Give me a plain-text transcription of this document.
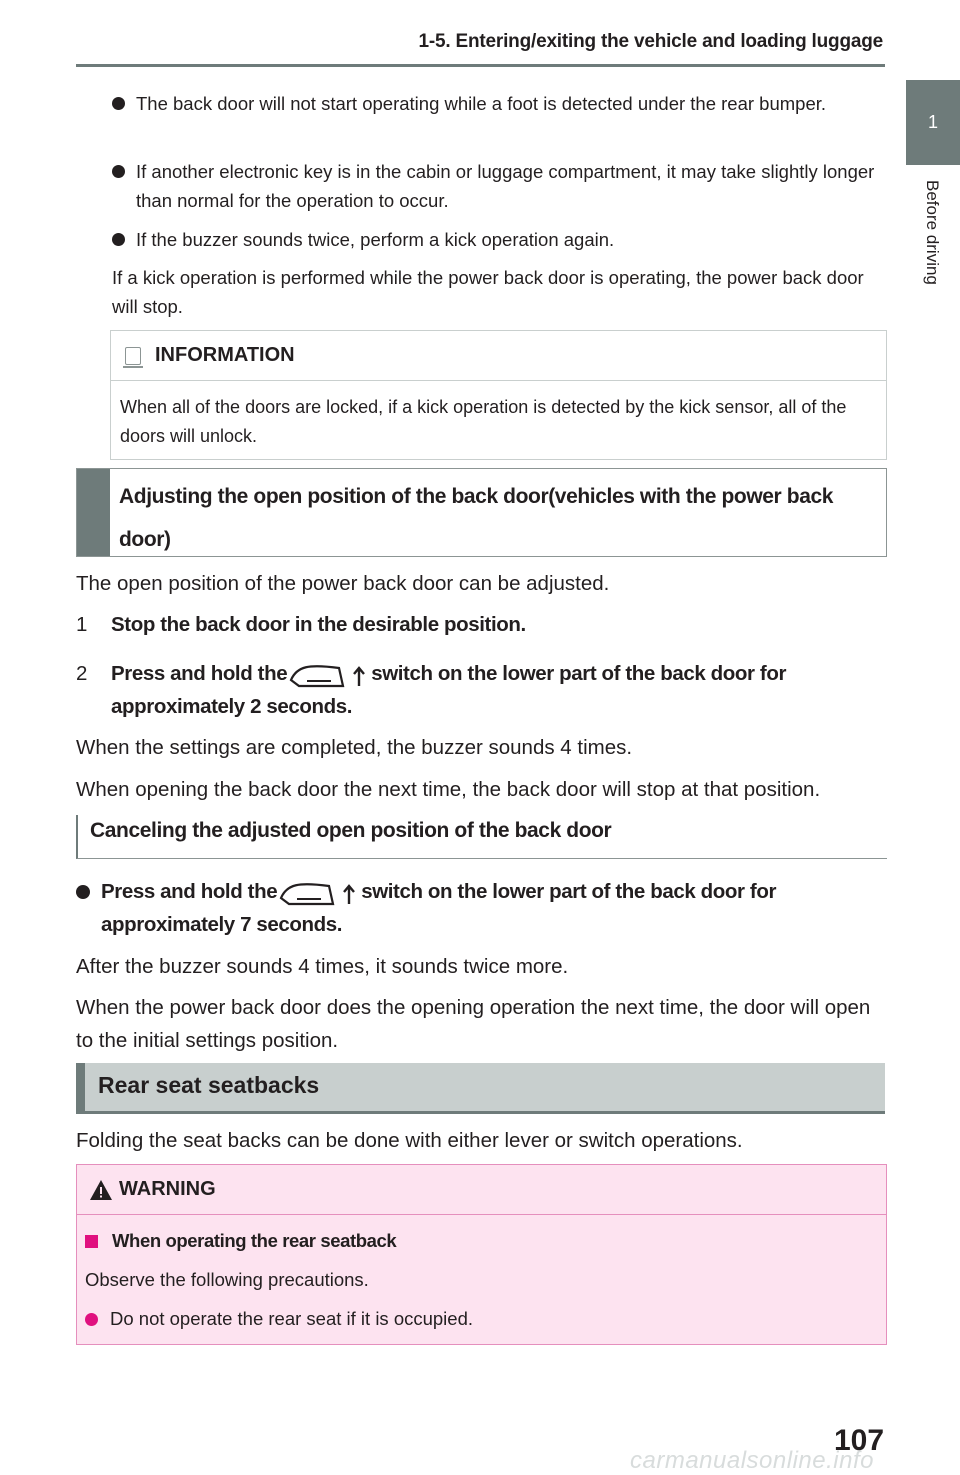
1-5. Entering/exiting the vehicle and loading luggage
1
Before driving
The back door will not start operating while a foot is detected under the rear bumper.
If another electronic key is in the cabin or luggage compartment, it may take slightly longer than normal for the operation to occur.
If the buzzer sounds twice, perform a kick operation again.
If a kick operation is performed while the power back door is operating, the power back door will stop.
INFORMATION
When all of the doors are locked, if a kick operation is detected by the kick sensor, all of the doors will unlock.
Adjusting the open position of the back door(vehicles with the power back door)
The open position of the power back door can be adjusted.
1 Stop the back door in the desirable position.
2 Press and hold the	switch on the lower part of the back door for approximately 2 seconds.
When the settings are completed, the buzzer sounds 4 times.
When opening the back door the next time, the back door will stop at that position.
Canceling the adjusted open position of the back door
Press and hold the	switch on the lower part of the back door for approximately 7 seconds.
After the buzzer sounds 4 times, it sounds twice more.
When the power back door does the opening operation the next time, the door will open to the initial settings position.
Rear seat seatbacks
Folding the seat backs can be done with either lever or switch operations.
WARNING
When operating the rear seatback
Observe the following precautions.
Do not operate the rear seat if it is occupied.
107
carmanualsonline.info
